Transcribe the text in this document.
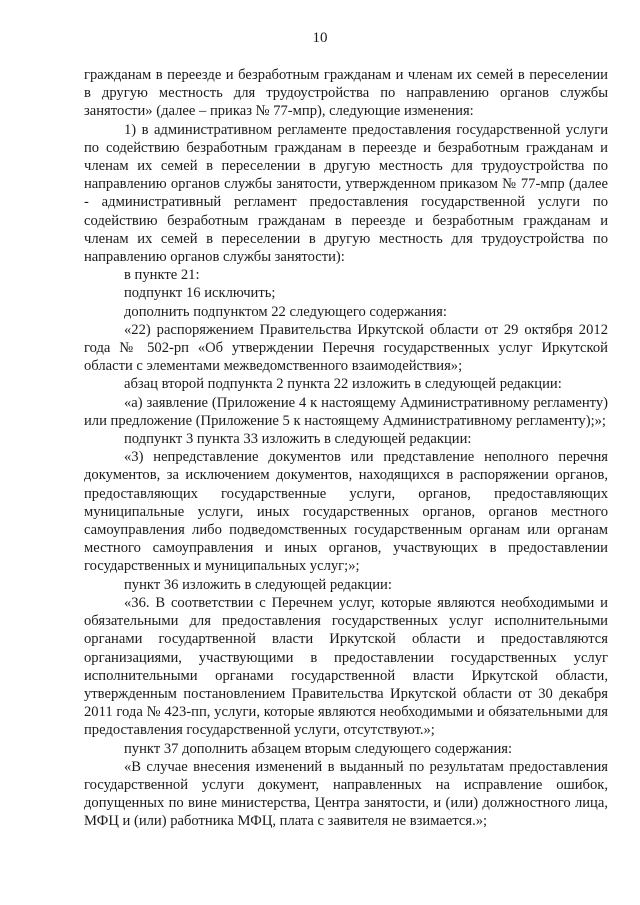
10

гражданам в переезде и безработным гражданам и членам их семей в переселении в другую местность для трудоустройства по направлению органов службы занятости» (далее – приказ № 77-мпр), следующие изменения:

1) в административном регламенте предоставления государственной услуги по содействию безработным гражданам в переезде и безработным гражданам и членам их семей в переселении в другую местность для трудоустройства по направлению органов службы занятости, утвержденном приказом № 77-мпр (далее - административный регламент предоставления государственной услуги по содействию безработным гражданам в переезде и безработным гражданам и членам их семей в переселении в другую местность для трудоустройства по направлению органов службы занятости):

в пункте 21:

подпункт 16 исключить;

дополнить подпунктом 22 следующего содержания:

«22) распоряжением Правительства Иркутской области от 29 октября 2012 года № 502-рп «Об утверждении Перечня государственных услуг Иркутской области с элементами межведомственного взаимодействия»;

абзац второй подпункта 2 пункта 22 изложить в следующей редакции:

«а) заявление (Приложение 4 к настоящему Административному регламенту) или предложение (Приложение 5 к настоящему Административному регламенту);»;

подпункт 3 пункта 33 изложить в следующей редакции:

«3) непредставление документов или представление неполного перечня документов, за исключением документов, находящихся в распоряжении органов, предоставляющих государственные услуги, органов, предоставляющих муниципальные услуги, иных государственных органов, органов местного самоуправления либо подведомственных государственным органам или органам местного самоуправления и иных органов, участвующих в предоставлении государственных и муниципальных услуг;»;

пункт 36 изложить в следующей редакции:

«36. В соответствии с Перечнем услуг, которые являются необходимыми и обязательными для предоставления государственных услуг исполнительными органами государтвенной власти Иркутской области и предоставляются организациями, участвующими в предоставлении государственных услуг исполнительными органами государственной власти Иркутской области, утвержденным постановлением Правительства Иркутской области от 30 декабря 2011 года № 423-пп, услуги, которые являются необходимыми и обязательными для предоставления государственной услуги, отсутствуют.»;

пункт 37 дополнить абзацем вторым следующего содержания:

«В случае внесения изменений в выданный по результатам предоставления государственной услуги документ, направленных на исправление ошибок, допущенных по вине министерства, Центра занятости, и (или) должностного лица, МФЦ и (или) работника МФЦ, плата с заявителя не взимается.»;
